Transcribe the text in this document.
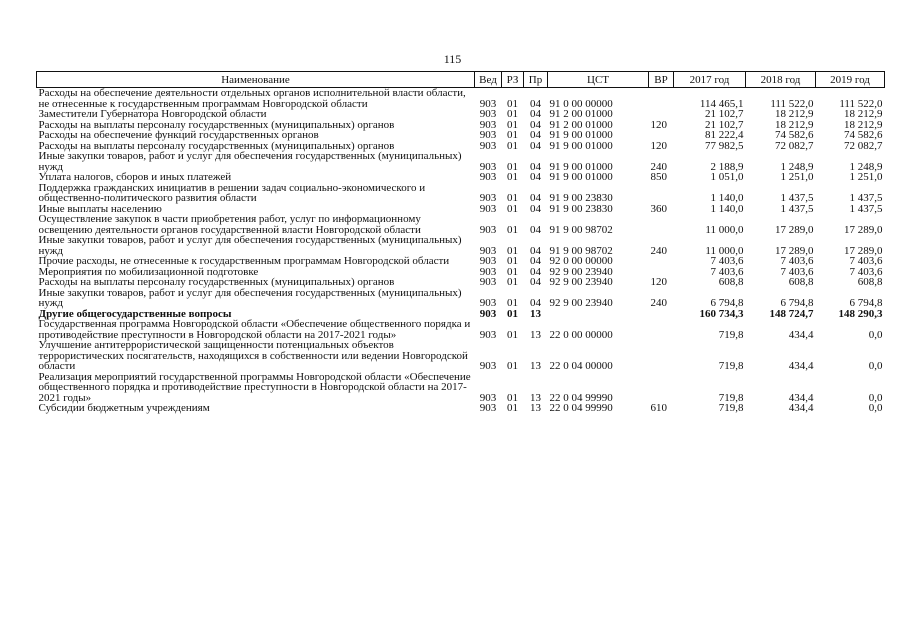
115
Наименование	Вед	РЗ	Пр	ЦСТ	ВР	2017 год	2018 год	2019 год
Расходы на обеспечение деятельности отдельных органов исполнительной власти области, не отнесенные к государственным программам Новгородской области	903	01	04	91 0 00 00000		114 465,1	111 522,0	111 522,0
Заместители Губернатора Новгородской области	903	01	04	91 2 00 01000		21 102,7	18 212,9	18 212,9
Расходы на выплаты персоналу государственных (муниципальных) органов	903	01	04	91 2 00 01000	120	21 102,7	18 212,9	18 212,9
Расходы на обеспечение функций государственных органов	903	01	04	91 9 00 01000		81 222,4	74 582,6	74 582,6
Расходы на выплаты персоналу государственных (муниципальных) органов	903	01	04	91 9 00 01000	120	77 982,5	72 082,7	72 082,7
Иные закупки товаров, работ и услуг для обеспечения государственных (муниципальных) нужд	903	01	04	91 9 00 01000	240	2 188,9	1 248,9	1 248,9
Уплата налогов, сборов и иных платежей	903	01	04	91 9 00 01000	850	1 051,0	1 251,0	1 251,0
Поддержка гражданских инициатив в решении задач социально-экономического и общественно-политического развития области	903	01	04	91 9 00 23830		1 140,0	1 437,5	1 437,5
Иные выплаты населению	903	01	04	91 9 00 23830	360	1 140,0	1 437,5	1 437,5
Осуществление закупок в части приобретения работ, услуг по информационному освещению деятельности органов государственной власти Новгородской области	903	01	04	91 9 00 98702		11 000,0	17 289,0	17 289,0
Иные закупки товаров, работ и услуг для обеспечения государственных (муниципальных) нужд	903	01	04	91 9 00 98702	240	11 000,0	17 289,0	17 289,0
Прочие расходы, не отнесенные к государственным программам Новгородской области	903	01	04	92 0 00 00000		7 403,6	7 403,6	7 403,6
Мероприятия по мобилизационной подготовке	903	01	04	92 9 00 23940		7 403,6	7 403,6	7 403,6
Расходы на выплаты персоналу государственных (муниципальных) органов	903	01	04	92 9 00 23940	120	608,8	608,8	608,8
Иные закупки товаров, работ и услуг для обеспечения государственных (муниципальных) нужд	903	01	04	92 9 00 23940	240	6 794,8	6 794,8	6 794,8
Другие общегосударственные вопросы	903	01	13			160 734,3	148 724,7	148 290,3
Государственная программа Новгородской области «Обеспечение общественного порядка и противодействие преступности в Новгородской области на 2017-2021 годы»	903	01	13	22 0 00 00000		719,8	434,4	0,0
Улучшение антитеррористической защищенности потенциальных объектов террористических посягательств, находящихся в собственности или ведении Новгородской области	903	01	13	22 0 04 00000		719,8	434,4	0,0
Реализация мероприятий государственной программы Новгородской области «Обеспечение общественного порядка и противодействие преступности в Новгородской области на 2017-2021 годы»	903	01	13	22 0 04 99990		719,8	434,4	0,0
Субсидии бюджетным учреждениям	903	01	13	22 0 04 99990	610	719,8	434,4	0,0
